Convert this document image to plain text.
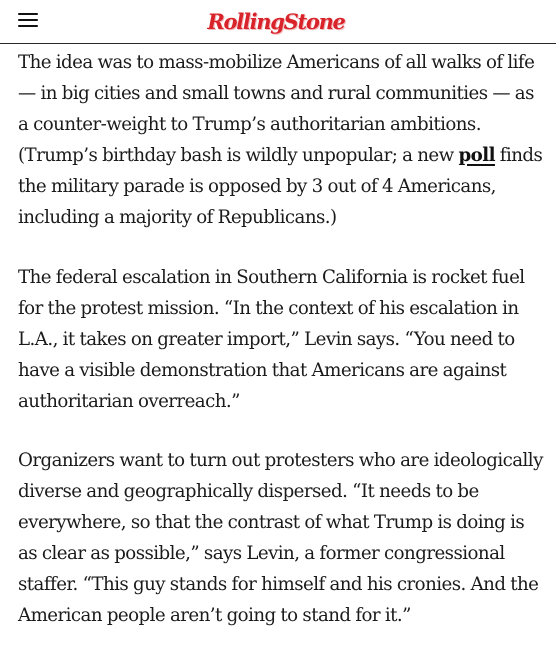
RollingStone

The idea was to mass-mobilize Americans of all walks of life — in big cities and small towns and rural communities — as a counter-weight to Trump’s authoritarian ambitions. (Trump’s birthday bash is wildly unpopular; a new poll finds the military parade is opposed by 3 out of 4 Americans, including a majority of Republicans.)

The federal escalation in Southern California is rocket fuel for the protest mission. “In the context of his escalation in L.A., it takes on greater import,” Levin says. “You need to have a visible demonstration that Americans are against authoritarian overreach.”

Organizers want to turn out protesters who are ideologically diverse and geographically dispersed. “It needs to be everywhere, so that the contrast of what Trump is doing is as clear as possible,” says Levin, a former congressional staffer. “This guy stands for himself and his cronies. And the American people aren’t going to stand for it.”
